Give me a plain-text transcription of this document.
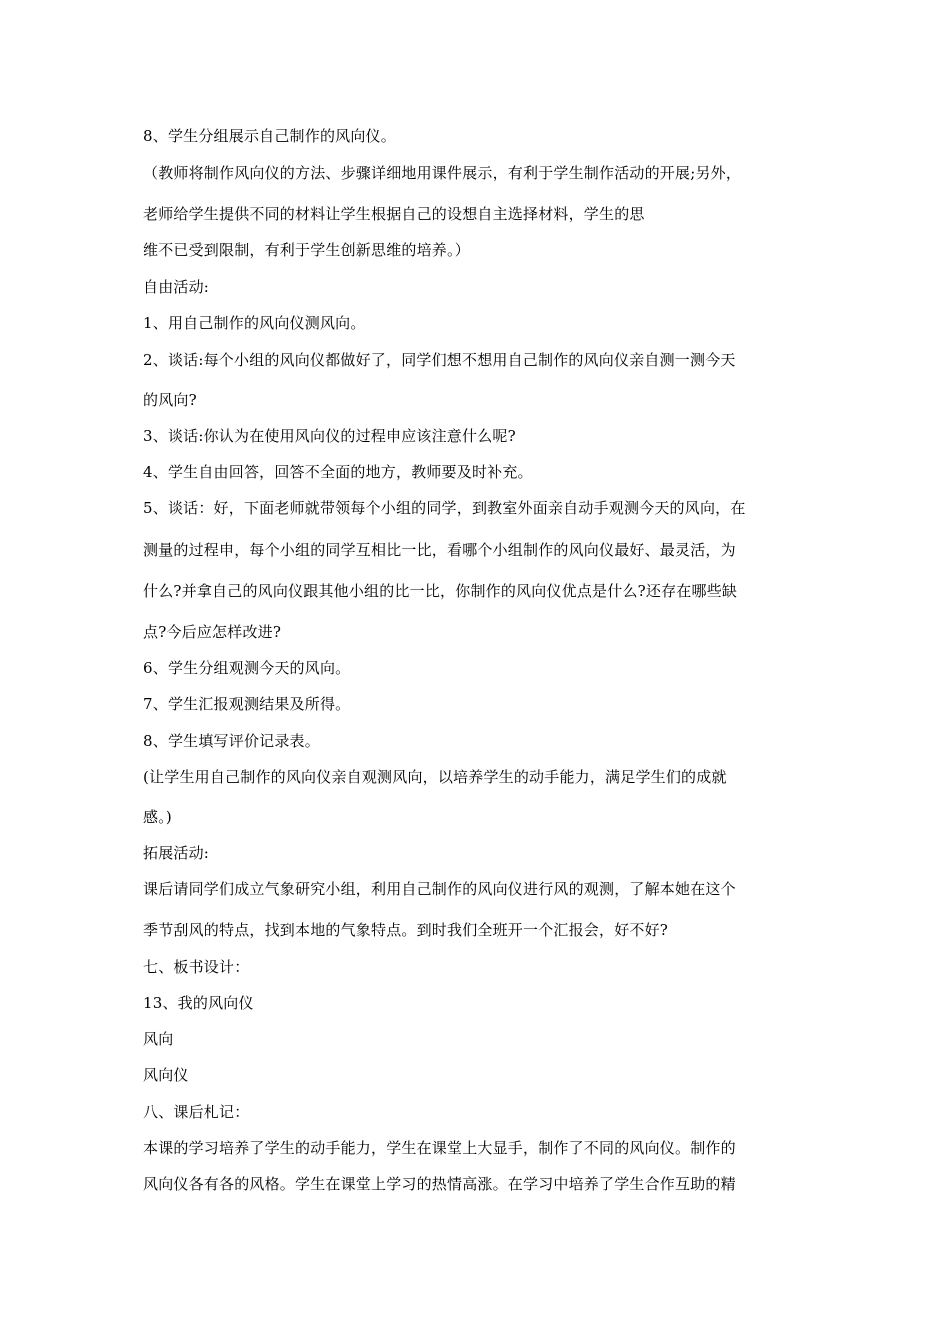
8、学生分组展示自己制作的风向仪。
（教师将制作风向仪的方法、步骤详细地用课件展示，有利于学生制作活动的开展;另外，
老师给学生提供不同的材料让学生根据自己的设想自主选择材料，学生的思
维不已受到限制，有利于学生创新思维的培养。）
自由活动:
1、用自己制作的风向仪测风向。
2、谈话:每个小组的风向仪都做好了，同学们想不想用自己制作的风向仪亲自测一测今天
的风向?
3、谈话:你认为在使用风向仪的过程申应该注意什么呢?
4、学生自由回答，回答不全面的地方，教师要及时补充。
5、谈话：好，下面老师就带领每个小组的同学，到教室外面亲自动手观测今天的风向，在
测量的过程申，每个小组的同学互相比一比，看哪个小组制作的风向仪最好、最灵活，为
什么?并拿自己的风向仪跟其他小组的比一比，你制作的风向仪优点是什么?还存在哪些缺
点?今后应怎样改进?
6、学生分组观测今天的风向。
7、学生汇报观测结果及所得。
8、学生填写评价记录表。
(让学生用自己制作的风向仪亲自观测风向，以培养学生的动手能力，满足学生们的成就
感。)
拓展活动:
课后请同学们成立气象研究小组，利用自己制作的风向仪进行风的观测，了解本她在这个
季节刮风的特点，找到本地的气象特点。到时我们全班开一个汇报会，好不好?
七、板书设计：
13、我的风向仪
风向
风向仪
八、课后札记：
本课的学习培养了学生的动手能力，学生在课堂上大显手，制作了不同的风向仪。制作的
风向仪各有各的风格。学生在课堂上学习的热情高涨。在学习中培养了学生合作互助的精
